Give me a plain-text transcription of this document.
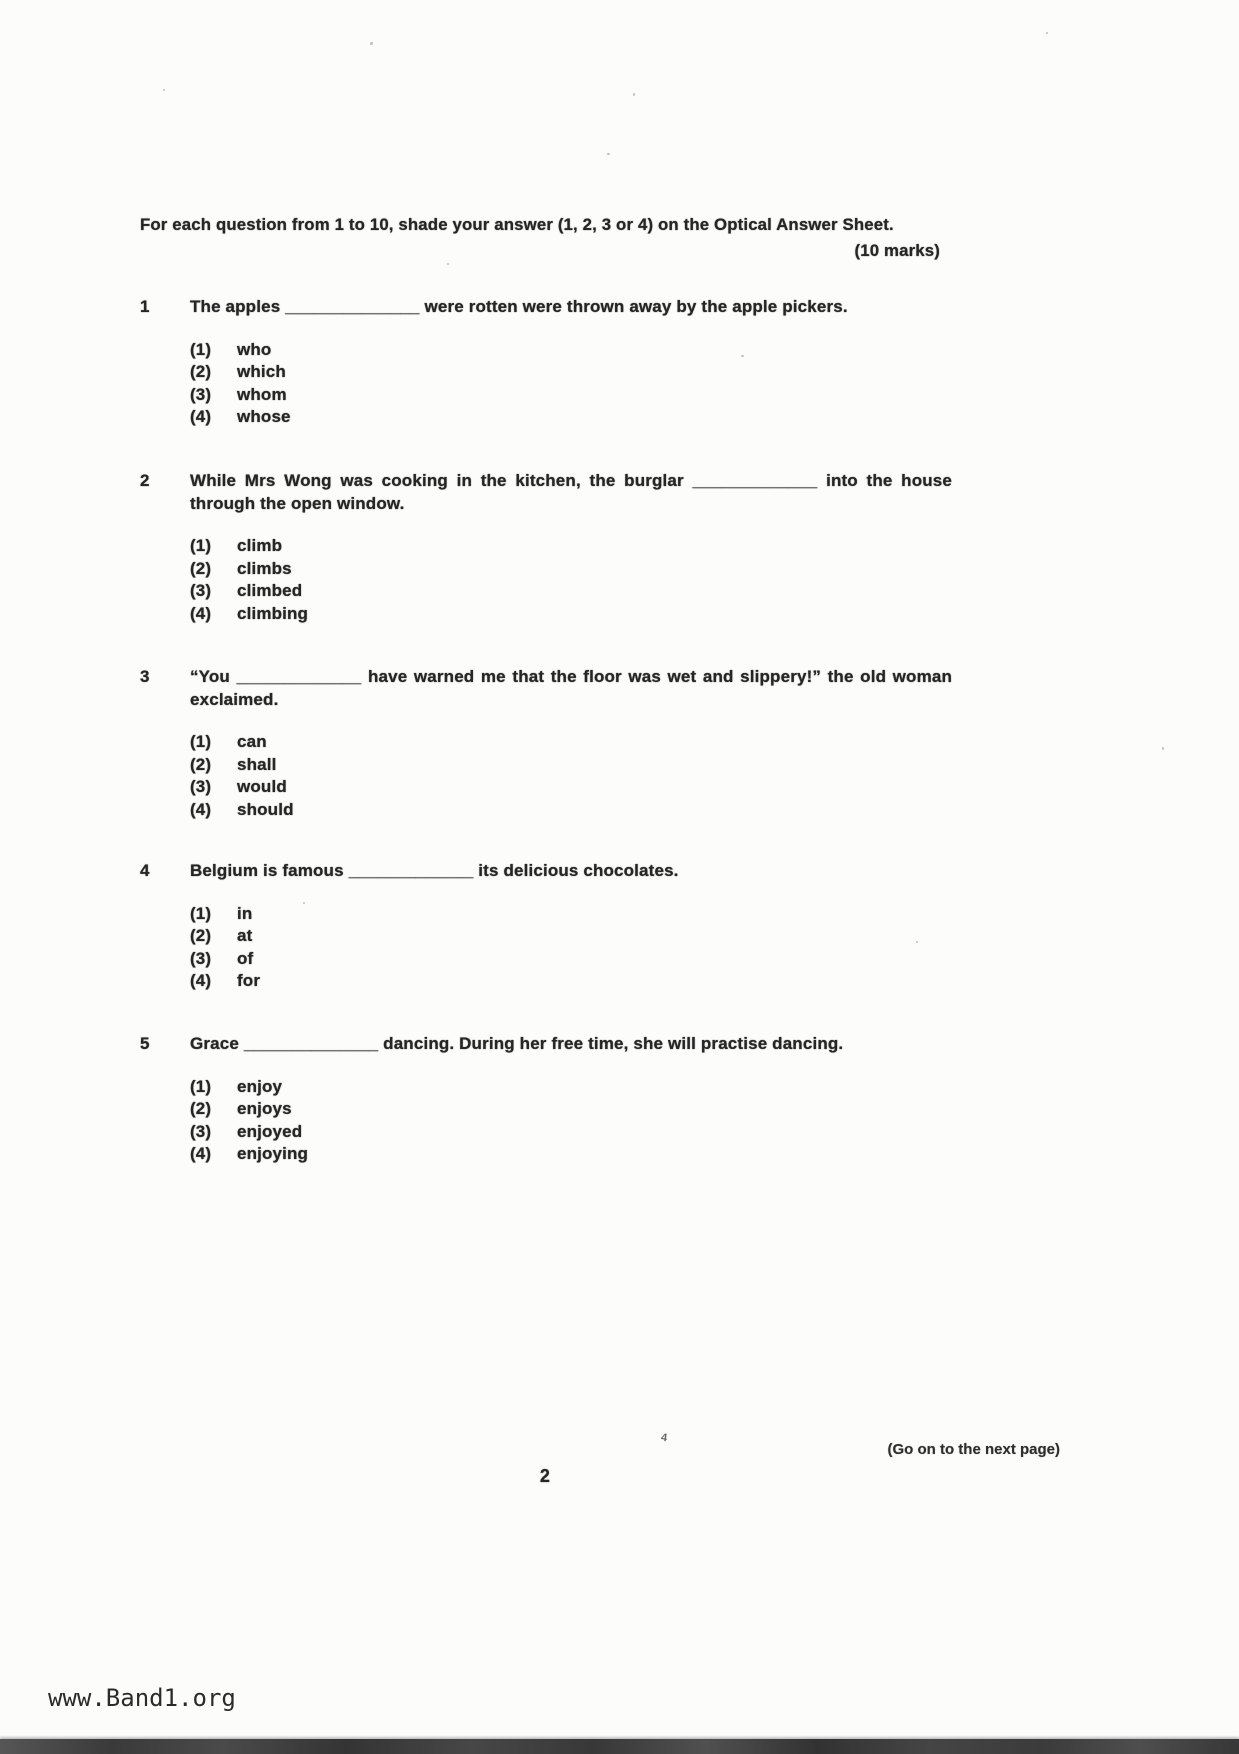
For each question from 1 to 10, shade your answer (1, 2, 3 or 4) on the Optical Answer Sheet.
(10 marks)
1	The apples ______________ were rotten were thrown away by the apple pickers.

(1)	who
(2)	which
(3)	whom
(4)	whose
2	While Mrs Wong was cooking in the kitchen, the burglar _____________ into the house through the open window.

(1)	climb
(2)	climbs
(3)	climbed
(4)	climbing
3	“You _____________ have warned me that the floor was wet and slippery!” the old woman exclaimed.

(1)	can
(2)	shall
(3)	would
(4)	should
4	Belgium is famous _____________ its delicious chocolates.

(1)	in
(2)	at
(3)	of
(4)	for
5	Grace ______________ dancing. During her free time, she will practise dancing.

(1)	enjoy
(2)	enjoys
(3)	enjoyed
(4)	enjoying
4
(Go on to the next page)
2
www.Band1.org
